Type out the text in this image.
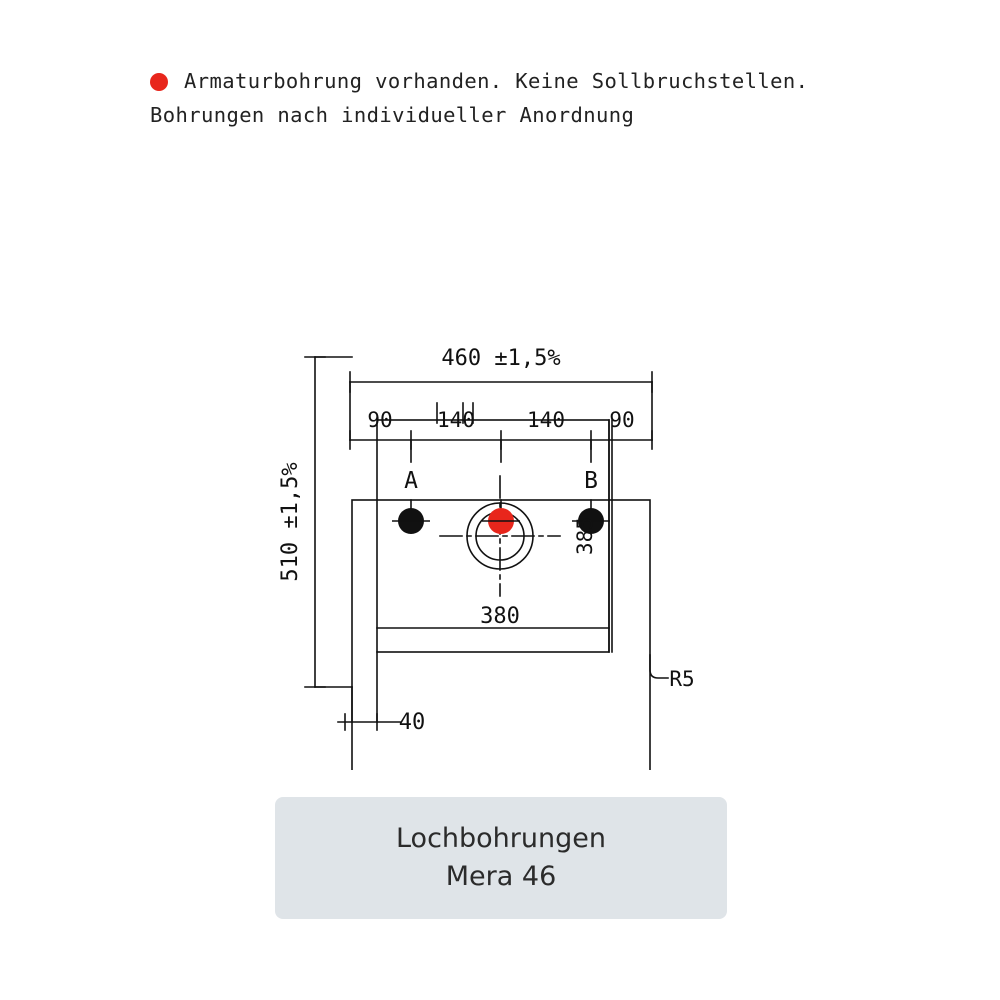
Armaturbohrung vorhanden. Keine Sollbruchstellen.
Bohrungen nach individueller Anordnung
460 ±1,5%
90 140 140 90
A	B
510 ±1,5%	385
380
R5
40
Lochbohrungen
Mera 46
